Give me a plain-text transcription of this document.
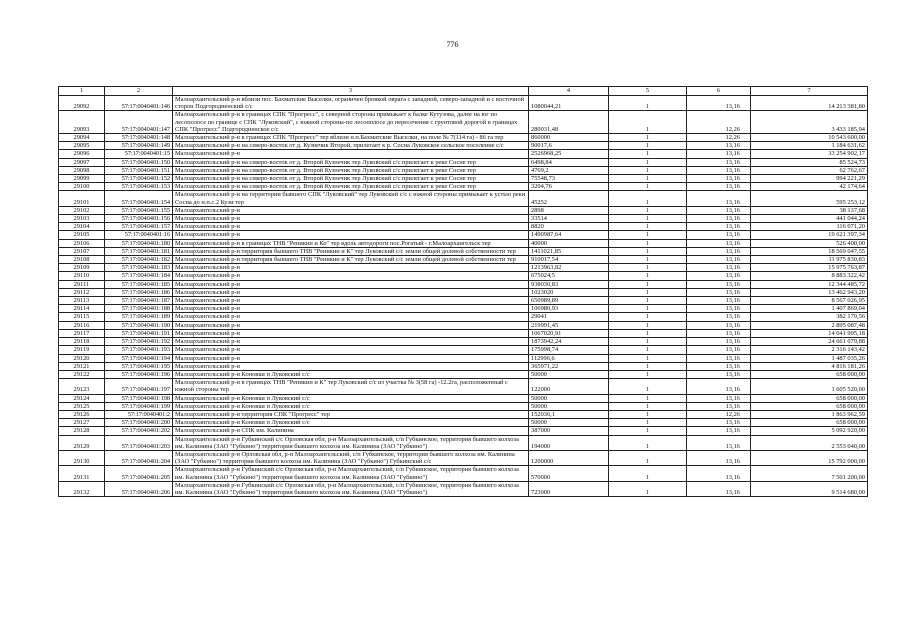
776
1	2	3	4	5	6	7
29092	57:17:0040401:146	Малоархангельский р-н вблизи пос. Бахматские Выселки, ограничен бровкой оврага с западной, северо-западной и с восточной сторон Подгородненский с/с	1080044,21	1	13,16	14 213 381,80
29093	57:17:0040401:147	Малоархангельский р-н в границах СПК "Прогресс", с северной стороны примыкает к балке Кутузова, далее на юг по лесополосе по границе с СПК "Луковский", с южной стороны-по лесополосе до пересечения с грунтовой дорогой в границах СПК "Прогресс" Подгородненское с/с	280031,48	1	12,26	3 433 185,94
29094	57:17:0040401:148	Малоархангельский р-н в границах СПК "Прогресс" тер вблизи н.п.Бахматские Выселки, на поле № 7(114 га) - 86 га тер	860000	1	12,26	10 543 600,00
29095	57:17:0040401:149	Малоархангельский р-н на северо-восток от д. Кузнечик Второй, прилегает к р. Сосна Луковское сельское поселение с/с	90017,6	1	13,16	1 184 631,62
29096	57:17:0040401:15	Малоархангельский р-н	2526968,25	1	13,16	33 254 902,17
29097	57:17:0040401:150	Малоархангельский р-н на северо-восток от д. Второй Кузнечик тер Луковский с/с прилегает к реке Сосне тер	6498,84	1	13,16	85 524,73
29098	57:17:0040401:151	Малоархангельский р-н на северо-восток от д. Второй Кузнечик тер Луковский с/с прилегает к реке Сосне тер	4769,2	1	13,16	62 762,67
29099	57:17:0040401:152	Малоархангельский р-н на северо-восток от д. Второй Кузнечик тер Луковский с/с прилегает к реке Сосне тер	75548,73	1	13,16	994 221,29
29100	57:17:0040401:153	Малоархангельский р-н на северо-восток от д. Второй Кузнечик тер Луковский с/с прилегает к реке Сосне тер	3204,76	1	13,16	42 174,64
29101	57:17:0040401:154	Малоархангельский р-н на территории бывшего СПК "Луковский" тер Луковский с/с с южной стороны примыкает к устью реки Сосна до н.п.с.2 Кузи тер	45252	1	13,16	595 253,12
29102	57:17:0040401:155	Малоархангельский р-н	2898	1	13,16	38 137,68
29103	57:17:0040401:156	Малоархангельский р-н	33514	1	13,16	441 044,24
29104	57:17:0040401:157	Малоархангельский р-н	8820	1	13,16	116 071,20
29105	57:17:0040401:16	Малоархангельский р-н	1490987,64	1	13,16	19 621 397,34
29106	57:17:0040401:180	Малоархангельский р-н в границах ТНВ "Реникин и Ко" тер вдоль автодороги пос.Рогатый - г.Малоархангельск тер	40000	1	13,16	526 400,00
29107	57:17:0040401:181	Малоархангельский р-н территория бывшего ТНВ "Реникин и К" тер Луковский с/с земли общей долевой собственности тер	1411021,85	1	13,16	18 569 047,55
29108	57:17:0040401:182	Малоархангельский р-н территория бывшего ТНВ "Реникин и К" тер Луковский с/с земли общей долевой собственности тер	910017,54	1	13,16	11 975 830,83
29109	57:17:0040401:183	Малоархангельский р-н	1213963,82	1	13,16	15 975 763,87
29110	57:17:0040401:184	Малоархангельский р-н	675024,5	1	13,16	8 883 322,42
29111	57:17:0040401:185	Малоархангельский р-н	938030,83	1	13,16	12 344 485,72
29112	57:17:0040401:186	Малоархангельский р-н	1023020	1	13,16	13 462 943,20
29113	57:17:0040401:187	Малоархангельский р-н	650989,89	1	13,16	8 567 026,95
29114	57:17:0040401:188	Малоархангельский р-н	106980,93	1	13,16	1 407 869,04
29115	57:17:0040401:189	Малоархангельский р-н	29041	1	13,16	382 179,56
29116	57:17:0040401:190	Малоархангельский р-н	219991,45	1	13,16	2 895 087,48
29117	57:17:0040401:191	Малоархангельский р-н	1067020,91	1	13,16	14 041 995,18
29118	57:17:0040401:192	Малоархангельский р-н	1873942,24	1	13,16	24 661 079,88
29119	57:17:0040401:193	Малоархангельский р-н	175998,74	1	13,16	2 316 143,42
29120	57:17:0040401:194	Малоархангельский р-н	112996,6	1	13,16	1 487 035,26
29121	57:17:0040401:195	Малоархангельский р-н	365971,22	1	13,16	4 816 181,26
29122	57:17:0040401:196	Малоархангельский р-н Коновки п Луковский с/с	50000	1	13,16	658 000,00
29123	57:17:0040401:197	Малоархангельский р-н в границах ТНВ "Реникин и К" тер Луковский с/с из участка № 3(58 га) -12.2га, расположенный с южной стороны тер	122000	1	13,16	1 605 520,00
29124	57:17:0040401:198	Малоархангельский р-н Коновки п Луковский с/с	50000	1	13,16	658 000,00
29125	57:17:0040401:199	Малоархангельский р-н Коновки п Луковский с/с	50000	1	13,16	658 000,00
29126	57:17:0040401:2	Малоархангельский р-н территория СПК "Прогресс" тер	152036,1	1	12,26	1 863 962,59
29127	57:17:0040401:200	Малоархангельский р-н Коновки п Луковский с/с	50000	1	13,16	658 000,00
29128	57:17:0040401:202	Малоархангельский р-н СПК им. Калинина	387000	1	13,16	5 092 920,00
29129	57:17:0040401:203	Малоархангельский р-н Губкинский с/с Орловская обл, р-н Малоархангельский, с/п Губкинское, территория бывшего колхоза им. Калинина (ЗАО "Губкино") территория бывшего колхоза им. Калинина (ЗАО "Губкино")	194000	1	13,16	2 553 040,00
29130	57:17:0040401:204	Малоархангельский р-н Орловская обл, р-н Малоархангельский, с/п Губкинское, территория бывшего колхоза им. Калинина (ЗАО "Губкино") территория бывшего колхоза им. Калинина (ЗАО "Губкино") Губкинский с/с	1200000	1	13,16	15 792 000,00
29131	57:17:0040401:205	Малоархангельский р-н Губкинский с/с Орловская обл, р-н Малоархангельский, с/п Губкинское, территория бывшего колхоза им. Калинина (ЗАО "Губкино") территория бывшего колхоза им. Калинина (ЗАО "Губкино")	570000	1	13,16	7 501 200,00
29132	57:17:0040401:206	Малоархангельский р-н Губкинский с/с Орловская обл, р-н Малоархангельский, с/п Губкинское, территория бывшего колхоза им. Калинина (ЗАО "Губкино") территория бывшего колхоза им. Калинина (ЗАО "Губкино")	723000	1	13,16	9 514 680,00
